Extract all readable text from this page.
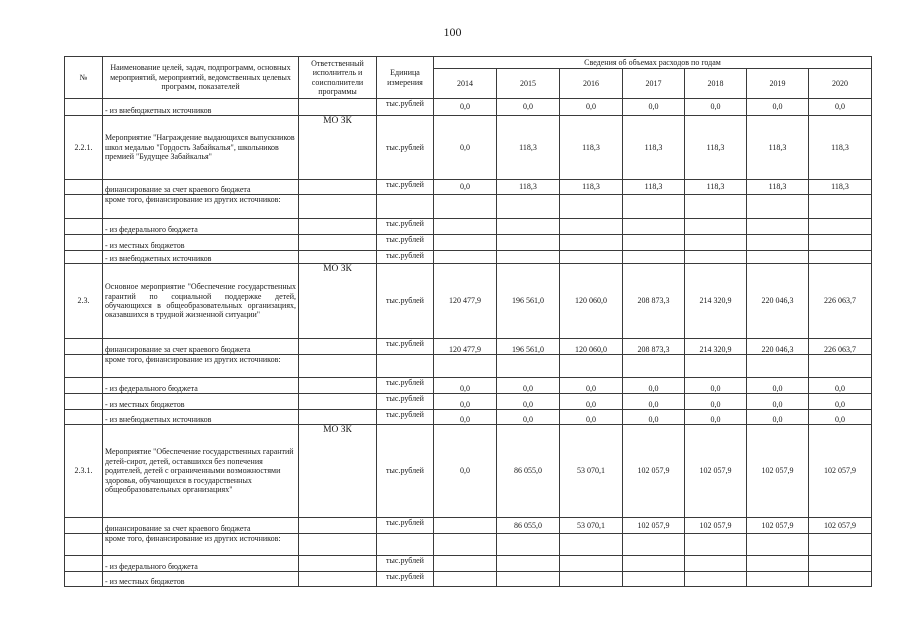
100
№	Наименование целей, задач, подпрограмм, основных мероприятий, мероприятий, ведомственных целевых программ, показателей	Ответственный исполнитель и соисполнители программы	Единица измерения	Сведения об объемах расходов по годам						
				2014	2015	2016	2017	2018	2019	2020
	- из внебюджетных источников		тыс.рублей	0,0	0,0	0,0	0,0	0,0	0,0	0,0
2.2.1.	Мероприятие "Награждение выдающихся выпускников школ медалью "Гордость Забайкалья", школьников премией "Будущее Забайкалья"	МО ЗК	тыс.рублей	0,0	118,3	118,3	118,3	118,3	118,3	118,3
	финансирование за счет краевого бюджета		тыс.рублей	0,0	118,3	118,3	118,3	118,3	118,3	118,3
	кроме того, финансирование из других источников:									
	- из федерального бюджета		тыс.рублей							
	- из местных бюджетов		тыс.рублей							
	- из внебюджетных источников		тыс.рублей							
2.3.	Основное мероприятие "Обеспечение государственных гарантий по социальной поддержке детей, обучающихся в общеобразовательных организациях, оказавшихся в трудной жизненной ситуации"	МО ЗК	тыс.рублей	120 477,9	196 561,0	120 060,0	208 873,3	214 320,9	220 046,3	226 063,7
	финансирование за счет краевого бюджета		тыс.рублей	120 477,9	196 561,0	120 060,0	208 873,3	214 320,9	220 046,3	226 063,7
	кроме того, финансирование из других источников:									
	- из федерального бюджета		тыс.рублей	0,0	0,0	0,0	0,0	0,0	0,0	0,0
	- из местных бюджетов		тыс.рублей	0,0	0,0	0,0	0,0	0,0	0,0	0,0
	- из внебюджетных источников		тыс.рублей	0,0	0,0	0,0	0,0	0,0	0,0	0,0
2.3.1.	Мероприятие "Обеспечение государственных гарантий детей-сирот, детей, оставшихся без попечения родителей, детей с ограниченными возможностями здоровья, обучающихся в государственных общеобразовательных организациях"	МО ЗК	тыс.рублей	0,0	86 055,0	53 070,1	102 057,9	102 057,9	102 057,9	102 057,9
	финансирование за счет краевого бюджета		тыс.рублей		86 055,0	53 070,1	102 057,9	102 057,9	102 057,9	102 057,9
	кроме того, финансирование из других источников:									
	- из федерального бюджета		тыс.рублей							
	- из местных бюджетов		тыс.рублей							
